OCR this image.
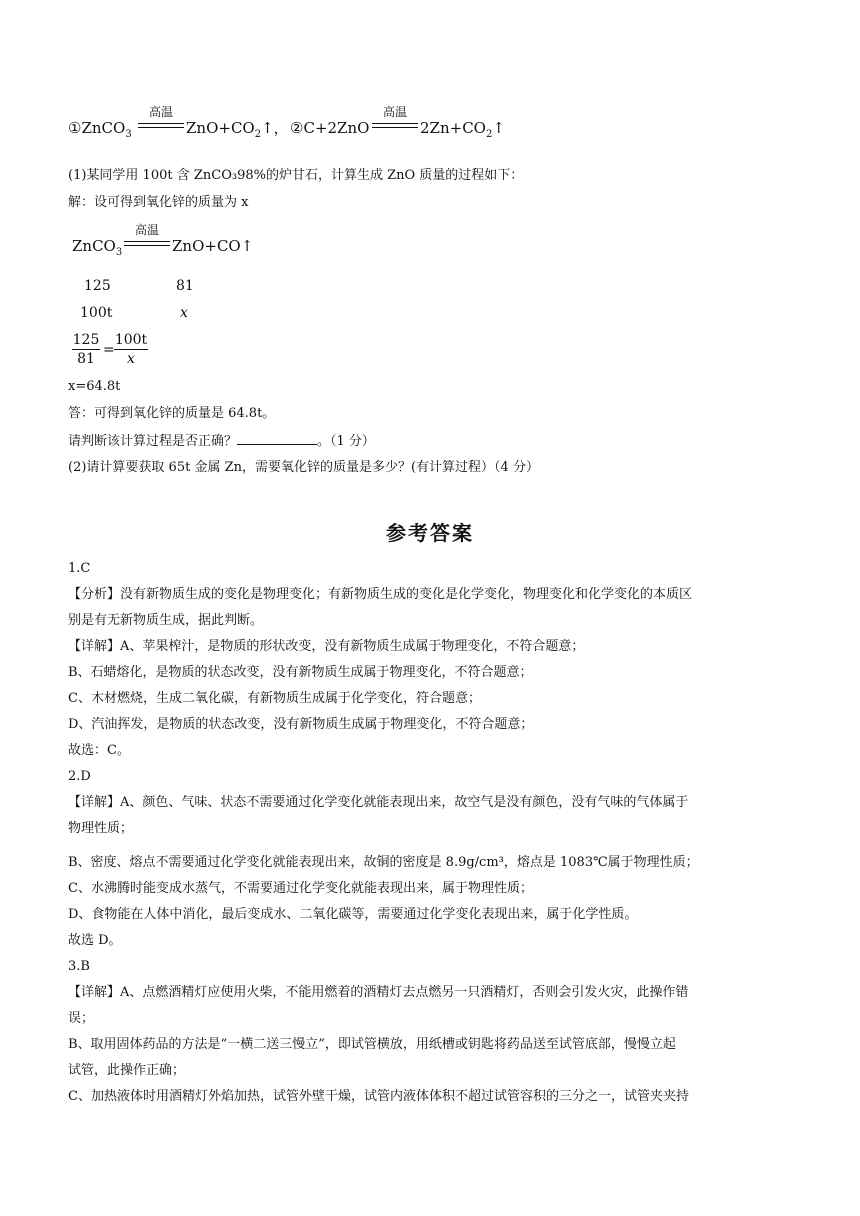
①ZnCO$_3$
高温
$ZnO+CO_2↑$， ②C+2ZnO
高温
$2Zn+CO_2↑$
(1)某同学用 100t 含 ZnCO₃98%的炉甘石，计算生成 ZnO 质量的过程如下：
解：设可得到氧化锌的质量为 x
ZnCO$_3$
高温
ZnO+CO↑
125	81
100t	x
125
81
=
100t
x
x=64.8t
答：可得到氧化锌的质量是 64.8t。
请判断该计算过程是否正确？	。（1 分）
(2)请计算要获取 65t 金属 Zn，需要氧化锌的质量是多少？(有计算过程）（4 分）
参考答案
1.C
【分析】没有新物质生成的变化是物理变化；有新物质生成的变化是化学变化，物理变化和化学变化的本质区
别是有无新物质生成，据此判断。
【详解】A、苹果榨汁，是物质的形状改变，没有新物质生成属于物理变化，不符合题意；
B、石蜡熔化，是物质的状态改变，没有新物质生成属于物理变化，不符合题意；
C、木材燃烧，生成二氧化碳，有新物质生成属于化学变化，符合题意；
D、汽油挥发，是物质的状态改变，没有新物质生成属于物理变化，不符合题意；
故选：C。
2.D
【详解】A、颜色、气味、状态不需要通过化学变化就能表现出来，故空气是没有颜色，没有气味的气体属于
物理性质；
B、密度、熔点不需要通过化学变化就能表现出来，故铜的密度是 8.9g/cm³，熔点是 1083℃属于物理性质；
C、水沸腾时能变成水蒸气，不需要通过化学变化就能表现出来，属于物理性质；
D、食物能在人体中消化，最后变成水、二氧化碳等，需要通过化学变化表现出来，属于化学性质。
故选 D。
3.B
【详解】A、点燃酒精灯应使用火柴，不能用燃着的酒精灯去点燃另一只酒精灯，否则会引发火灾，此操作错
误；
B、取用固体药品的方法是“一横二送三慢立”，即试管横放，用纸槽或钥匙将药品送至试管底部，慢慢立起
试管，此操作正确；
C、加热液体时用酒精灯外焰加热，试管外壁干燥，试管内液体体积不超过试管容积的三分之一，试管夹夹持
